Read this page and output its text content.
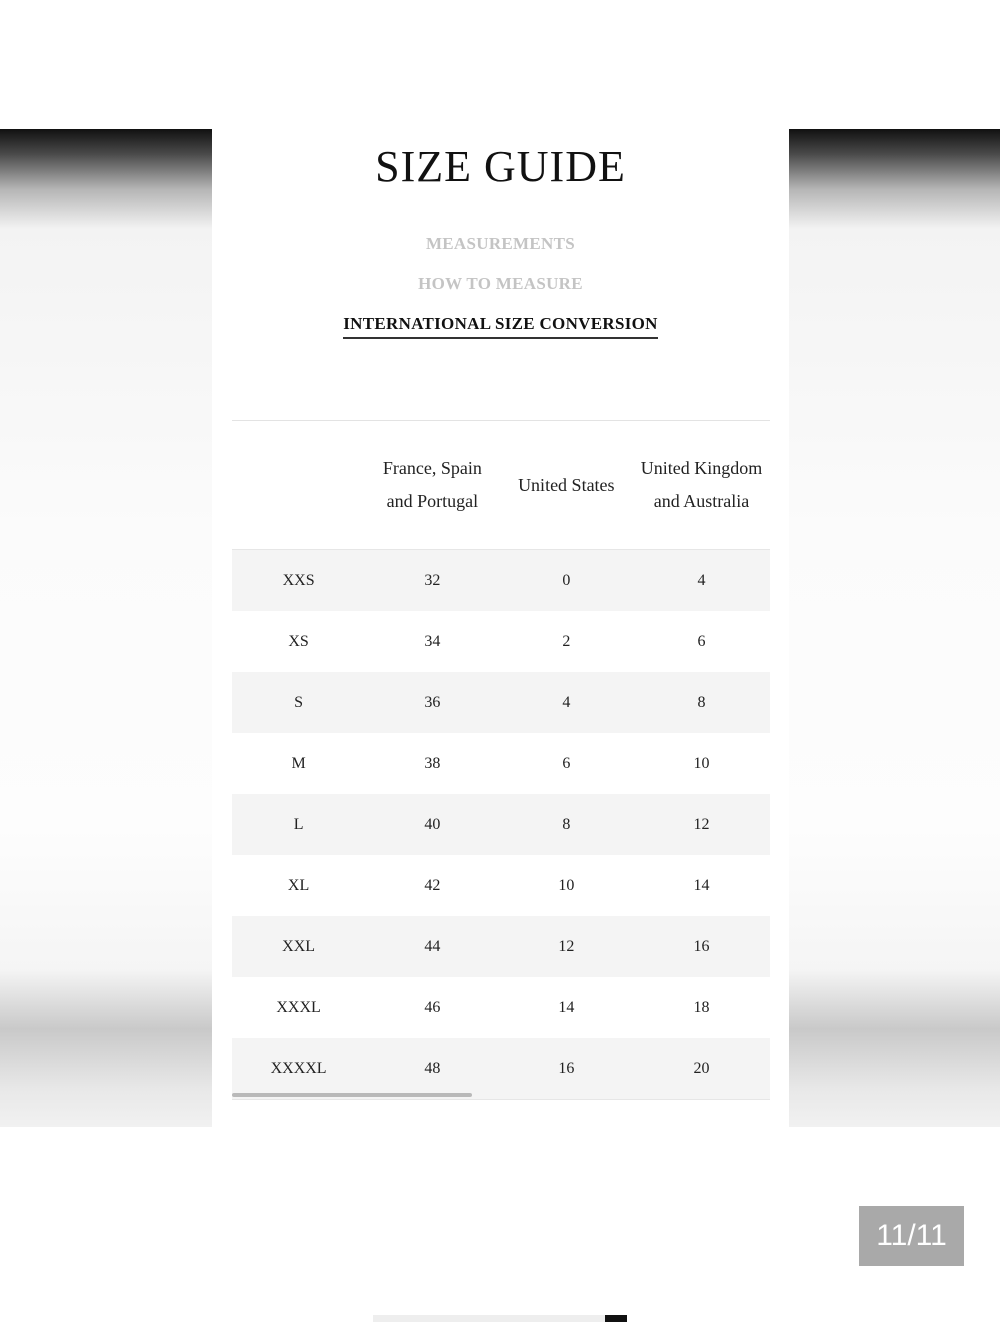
SIZE GUIDE
MEASUREMENTS
HOW TO MEASURE
INTERNATIONAL SIZE CONVERSION
	France, Spain and Portugal	United States	United Kingdom and Australia
XXS	32	0	4
XS	34	2	6
S	36	4	8
M	38	6	10
L	40	8	12
XL	42	10	14
XXL	44	12	16
XXXL	46	14	18
XXXXL	48	16	20
11/11
